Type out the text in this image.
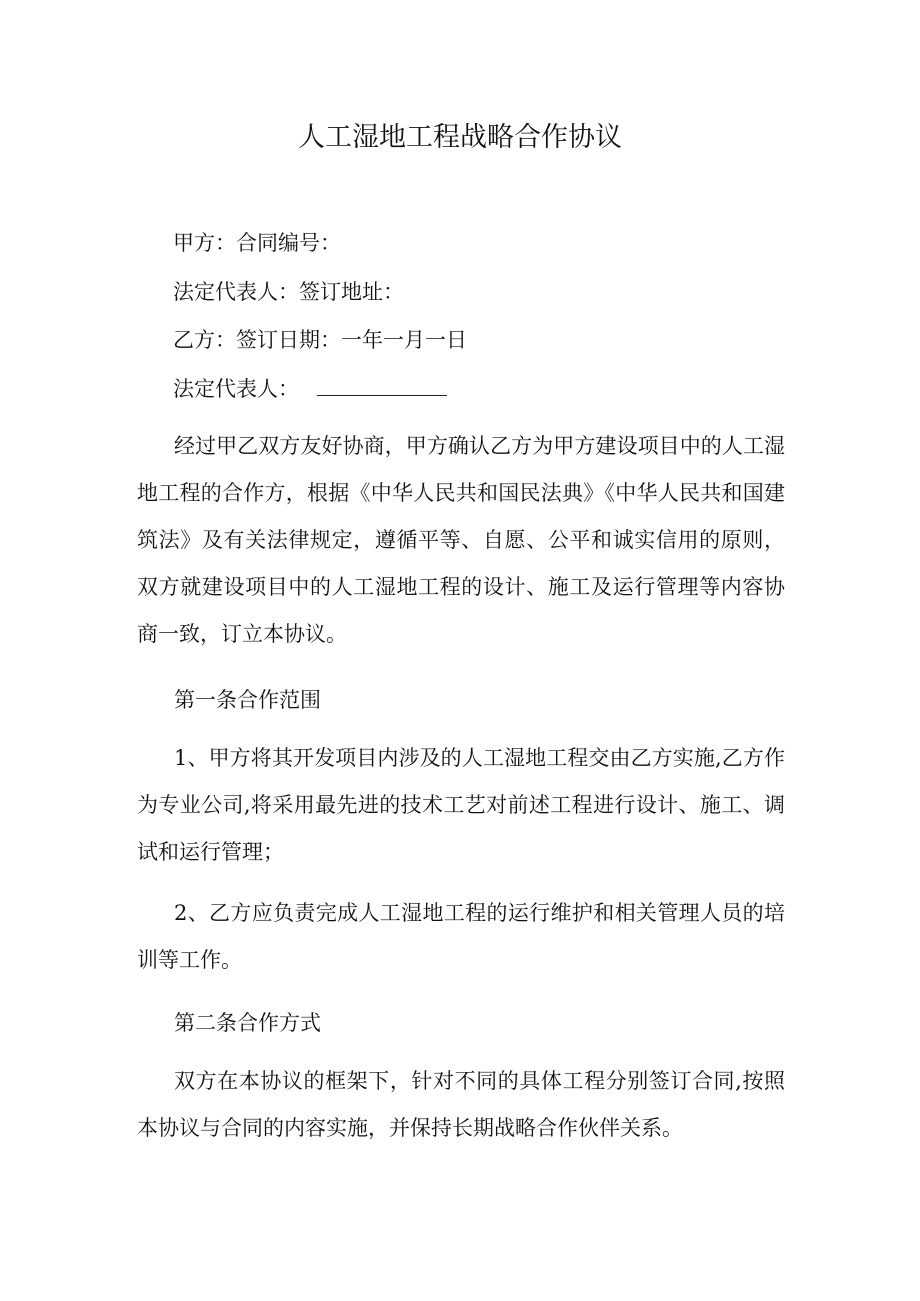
人工湿地工程战略合作协议
甲方：合同编号：
法定代表人：签订地址：
乙方：签订日期：一年一月一日
法定代表人：
经过甲乙双方友好协商，甲方确认乙方为甲方建设项目中的人工湿地工程的合作方，根据《中华人民共和国民法典》《中华人民共和国建筑法》及有关法律规定，遵循平等、自愿、公平和诚实信用的原则，双方就建设项目中的人工湿地工程的设计、施工及运行管理等内容协商一致，订立本协议。
第一条合作范围
1、甲方将其开发项目内涉及的人工湿地工程交由乙方实施,乙方作为专业公司,将采用最先进的技术工艺对前述工程进行设计、施工、调试和运行管理；
2、乙方应负责完成人工湿地工程的运行维护和相关管理人员的培训等工作。
第二条合作方式
双方在本协议的框架下，针对不同的具体工程分别签订合同,按照本协议与合同的内容实施，并保持长期战略合作伙伴关系。
